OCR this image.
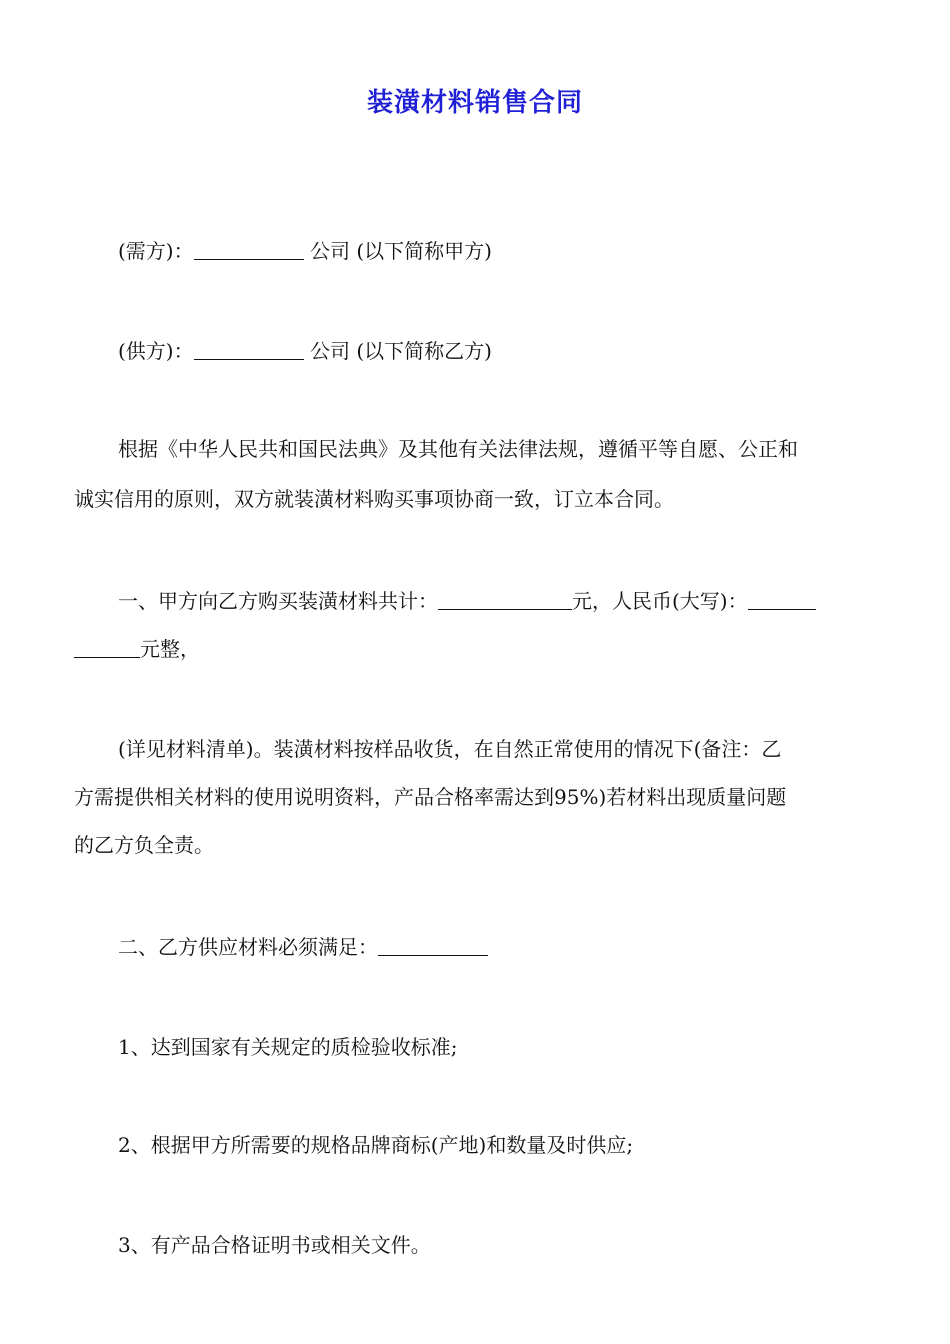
装潢材料销售合同
(需方)：	公司 (以下简称甲方)
(供方)：	公司 (以下简称乙方)
根据《中华人民共和国民法典》及其他有关法律法规，遵循平等自愿、公正和
诚实信用的原则，双方就装潢材料购买事项协商一致，订立本合同。
一、甲方向乙方购买装潢材料共计：	元，人民币(大写)：
元整，
(详见材料清单)。装潢材料按样品收货，在自然正常使用的情况下(备注：乙
方需提供相关材料的使用说明资料，产品合格率需达到95%)若材料出现质量问题
的乙方负全责。
二、乙方供应材料必须满足：
1、达到国家有关规定的质检验收标准;
2、根据甲方所需要的规格品牌商标(产地)和数量及时供应;
3、有产品合格证明书或相关文件。
